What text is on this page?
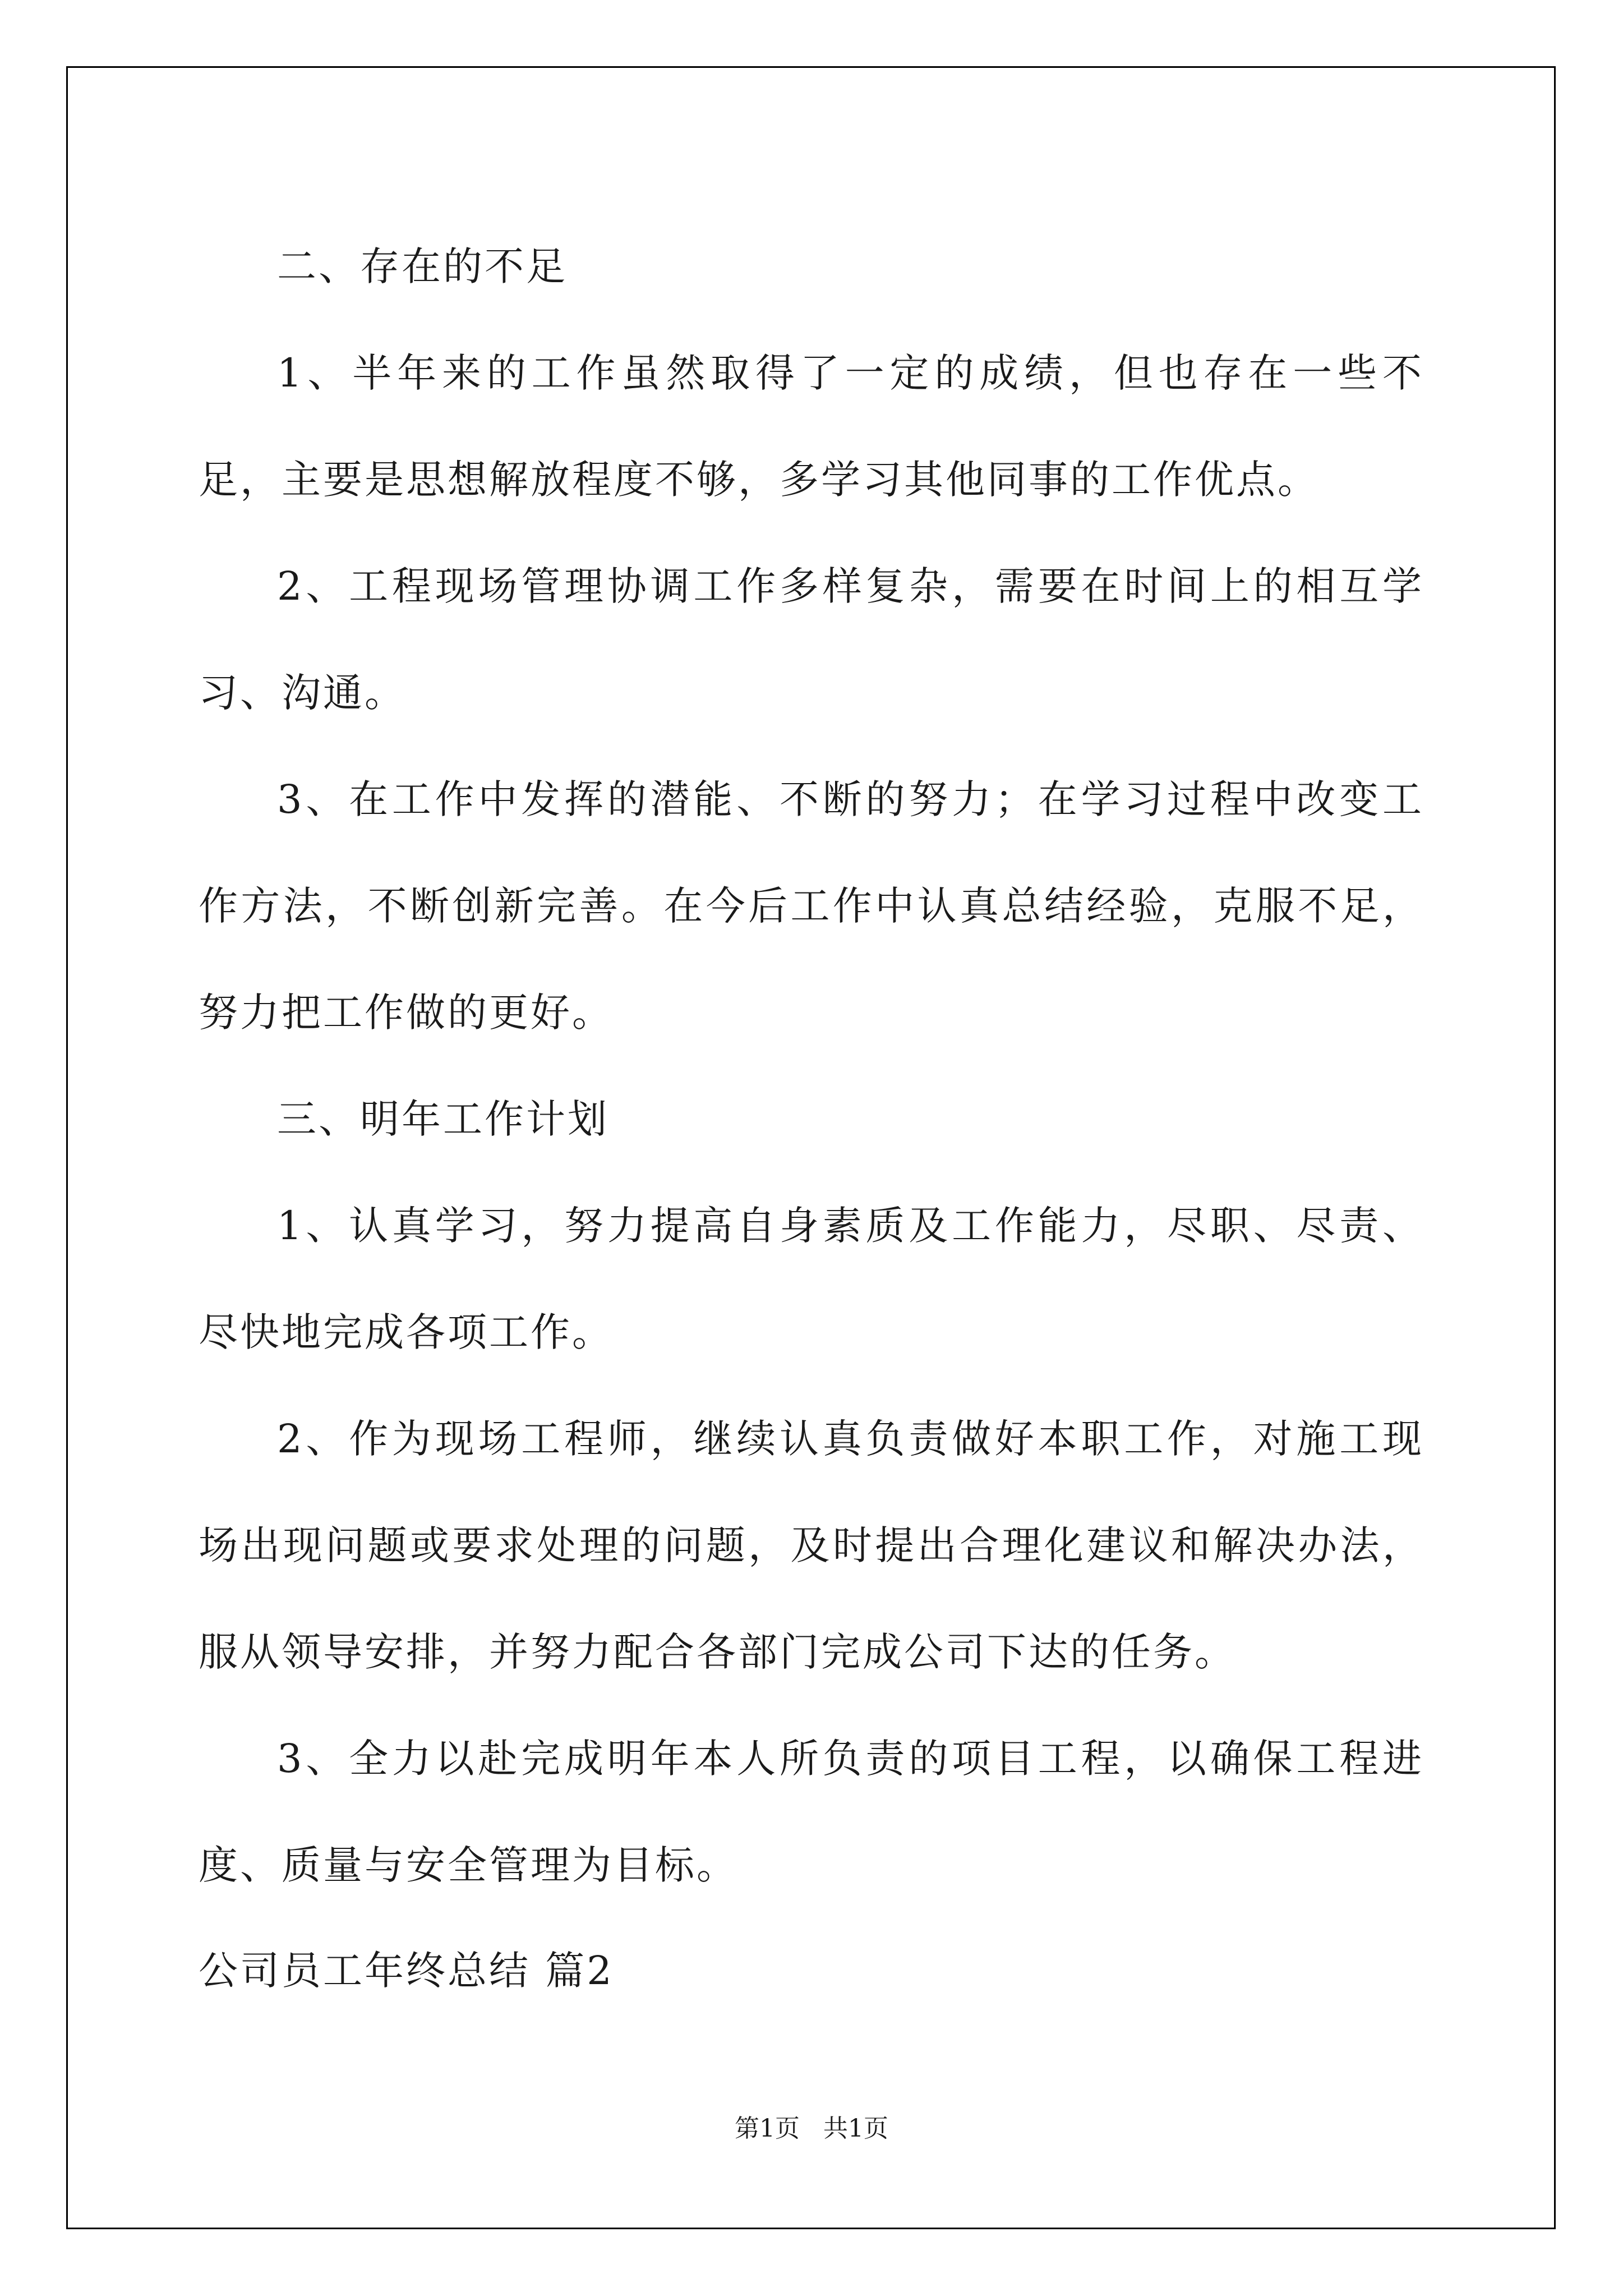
二、存在的不足

1、半年来的工作虽然取得了一定的成绩，但也存在一些不足，主要是思想解放程度不够，多学习其他同事的工作优点。

2、工程现场管理协调工作多样复杂，需要在时间上的相互学习、沟通。

3、在工作中发挥的潜能、不断的努力；在学习过程中改变工作方法，不断创新完善。在今后工作中认真总结经验，克服不足，努力把工作做的更好。

三、明年工作计划

1、认真学习，努力提高自身素质及工作能力，尽职、尽责、尽快地完成各项工作。

2、作为现场工程师，继续认真负责做好本职工作，对施工现场出现问题或要求处理的问题，及时提出合理化建议和解决办法，服从领导安排，并努力配合各部门完成公司下达的任务。

3、全力以赴完成明年本人所负责的项目工程，以确保工程进度、质量与安全管理为目标。

公司员工年终总结 篇2
第1页   共1页
